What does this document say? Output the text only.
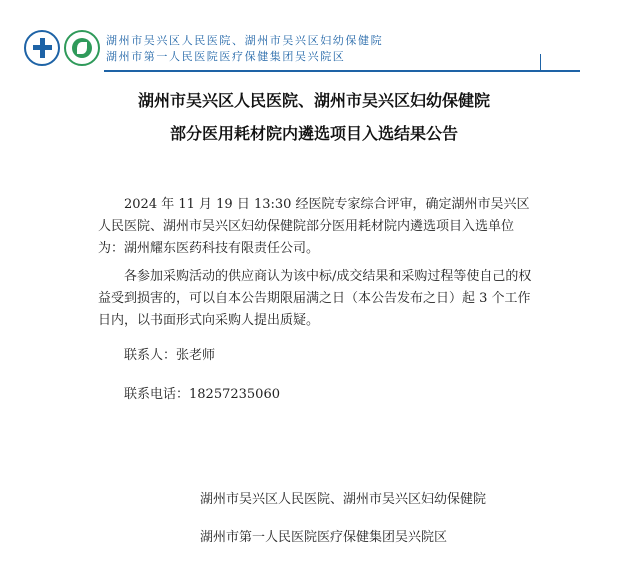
湖州市吴兴区人民医院、湖州市吴兴区妇幼保健院
湖州市第一人民医院医疗保健集团吴兴院区
湖州市吴兴区人民医院、湖州市吴兴区妇幼保健院
部分医用耗材院内遴选项目入选结果公告
2024 年 11 月 19 日 13:30 经医院专家综合评审，确定湖州市吴兴区人民医院、湖州市吴兴区妇幼保健院部分医用耗材院内遴选项目入选单位为：湖州耀东医药科技有限责任公司。
各参加采购活动的供应商认为该中标/成交结果和采购过程等使自己的权益受到损害的，可以自本公告期限届满之日（本公告发布之日）起 3 个工作日内，以书面形式向采购人提出质疑。
联系人：张老师
联系电话：18257235060
湖州市吴兴区人民医院、湖州市吴兴区妇幼保健院
湖州市第一人民医院医疗保健集团吴兴院区
